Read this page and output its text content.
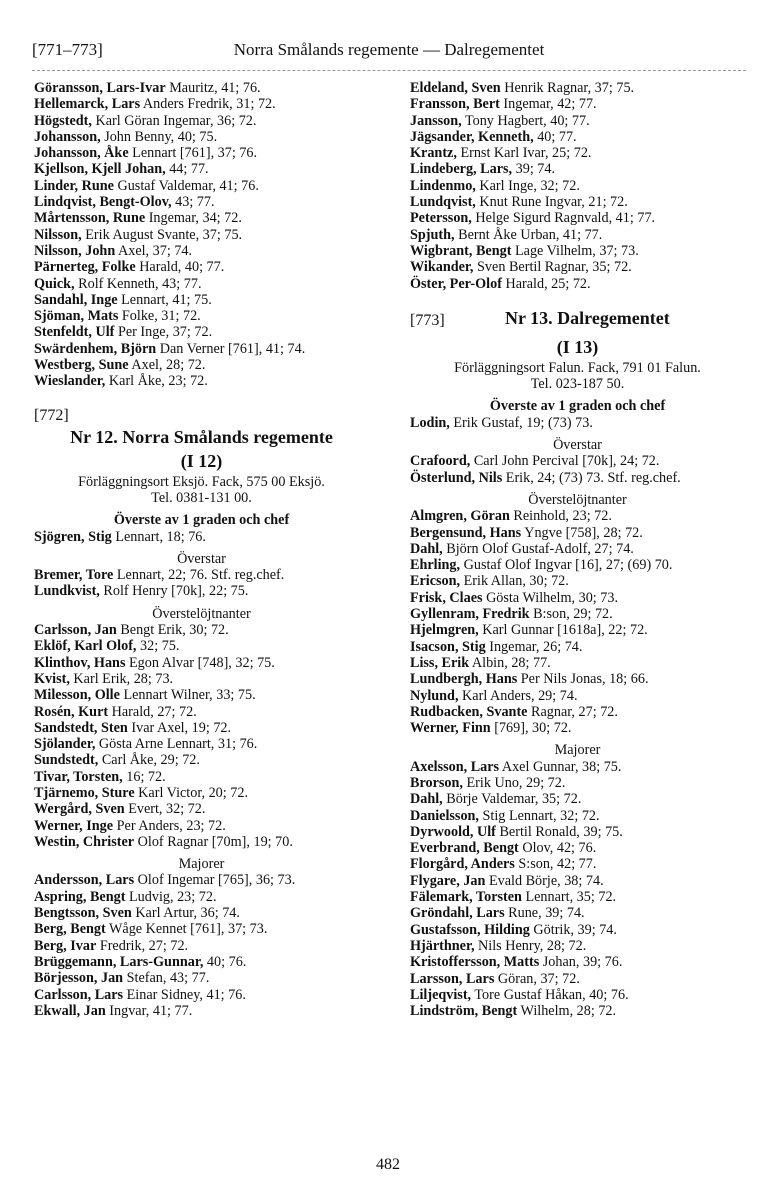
[771–773]	Norra Smålands regemente — Dalregementet
Göransson, Lars-Ivar Mauritz, 41; 76.
Hellemarck, Lars Anders Fredrik, 31; 72.
Högstedt, Karl Göran Ingemar, 36; 72.
Johansson, John Benny, 40; 75.
Johansson, Åke Lennart [761], 37; 76.
Kjellson, Kjell Johan, 44; 77.
Linder, Rune Gustaf Valdemar, 41; 76.
Lindqvist, Bengt-Olov, 43; 77.
Mårtensson, Rune Ingemar, 34; 72.
Nilsson, Erik August Svante, 37; 75.
Nilsson, John Axel, 37; 74.
Pärnerteg, Folke Harald, 40; 77.
Quick, Rolf Kenneth, 43; 77.
Sandahl, Inge Lennart, 41; 75.
Sjöman, Mats Folke, 31; 72.
Stenfeldt, Ulf Per Inge, 37; 72.
Swärdenhem, Björn Dan Verner [761], 41; 74.
Westberg, Sune Axel, 28; 72.
Wieslander, Karl Åke, 23; 72.
[772]
Nr 12. Norra Smålands regemente
(I 12)
Förläggningsort Eksjö. Fack, 575 00 Eksjö.
Tel. 0381-131 00.
Överste av 1 graden och chef
Sjögren, Stig Lennart, 18; 76.
Överstar
Bremer, Tore Lennart, 22; 76. Stf. reg.chef.
Lundkvist, Rolf Henry [70k], 22; 75.
Överstelöjtnanter
Carlsson, Jan Bengt Erik, 30; 72.
Eklöf, Karl Olof, 32; 75.
Klinthov, Hans Egon Alvar [748], 32; 75.
Kvist, Karl Erik, 28; 73.
Milesson, Olle Lennart Wilner, 33; 75.
Rosén, Kurt Harald, 27; 72.
Sandstedt, Sten Ivar Axel, 19; 72.
Sjölander, Gösta Arne Lennart, 31; 76.
Sundstedt, Carl Åke, 29; 72.
Tivar, Torsten, 16; 72.
Tjärnemo, Sture Karl Victor, 20; 72.
Wergård, Sven Evert, 32; 72.
Werner, Inge Per Anders, 23; 72.
Westin, Christer Olof Ragnar [70m], 19; 70.
Majorer
Andersson, Lars Olof Ingemar [765], 36; 73.
Aspring, Bengt Ludvig, 23; 72.
Bengtsson, Sven Karl Artur, 36; 74.
Berg, Bengt Wåge Kennet [761], 37; 73.
Berg, Ivar Fredrik, 27; 72.
Brüggemann, Lars-Gunnar, 40; 76.
Börjesson, Jan Stefan, 43; 77.
Carlsson, Lars Einar Sidney, 41; 76.
Ekwall, Jan Ingvar, 41; 77.
Eldeland, Sven Henrik Ragnar, 37; 75.
Fransson, Bert Ingemar, 42; 77.
Jansson, Tony Hagbert, 40; 77.
Jägsander, Kenneth, 40; 77.
Krantz, Ernst Karl Ivar, 25; 72.
Lindeberg, Lars, 39; 74.
Lindenmo, Karl Inge, 32; 72.
Lundqvist, Knut Rune Ingvar, 21; 72.
Petersson, Helge Sigurd Ragnvald, 41; 77.
Spjuth, Bernt Åke Urban, 41; 77.
Wigbrant, Bengt Lage Vilhelm, 37; 73.
Wikander, Sven Bertil Ragnar, 35; 72.
Öster, Per-Olof Harald, 25; 72.
[773]	Nr 13. Dalregementet
(I 13)
Förläggningsort Falun. Fack, 791 01 Falun.
Tel. 023-187 50.
Överste av 1 graden och chef
Lodin, Erik Gustaf, 19; (73) 73.
Överstar
Crafoord, Carl John Percival [70k], 24; 72.
Österlund, Nils Erik, 24; (73) 73. Stf. reg.chef.
Överstelöjtnanter
Almgren, Göran Reinhold, 23; 72.
Bergensund, Hans Yngve [758], 28; 72.
Dahl, Björn Olof Gustaf-Adolf, 27; 74.
Ehrling, Gustaf Olof Ingvar [16], 27; (69) 70.
Ericson, Erik Allan, 30; 72.
Frisk, Claes Gösta Wilhelm, 30; 73.
Gyllenram, Fredrik B:son, 29; 72.
Hjelmgren, Karl Gunnar [1618a], 22; 72.
Isacson, Stig Ingemar, 26; 74.
Liss, Erik Albin, 28; 77.
Lundbergh, Hans Per Nils Jonas, 18; 66.
Nylund, Karl Anders, 29; 74.
Rudbacken, Svante Ragnar, 27; 72.
Werner, Finn [769], 30; 72.
Majorer
Axelsson, Lars Axel Gunnar, 38; 75.
Brorson, Erik Uno, 29; 72.
Dahl, Börje Valdemar, 35; 72.
Danielsson, Stig Lennart, 32; 72.
Dyrwoold, Ulf Bertil Ronald, 39; 75.
Everbrand, Bengt Olov, 42; 76.
Florgård, Anders S:son, 42; 77.
Flygare, Jan Evald Börje, 38; 74.
Fälemark, Torsten Lennart, 35; 72.
Gröndahl, Lars Rune, 39; 74.
Gustafsson, Hilding Götrik, 39; 74.
Hjärthner, Nils Henry, 28; 72.
Kristoffersson, Matts Johan, 39; 76.
Larsson, Lars Göran, 37; 72.
Liljeqvist, Tore Gustaf Håkan, 40; 76.
Lindström, Bengt Wilhelm, 28; 72.
482
